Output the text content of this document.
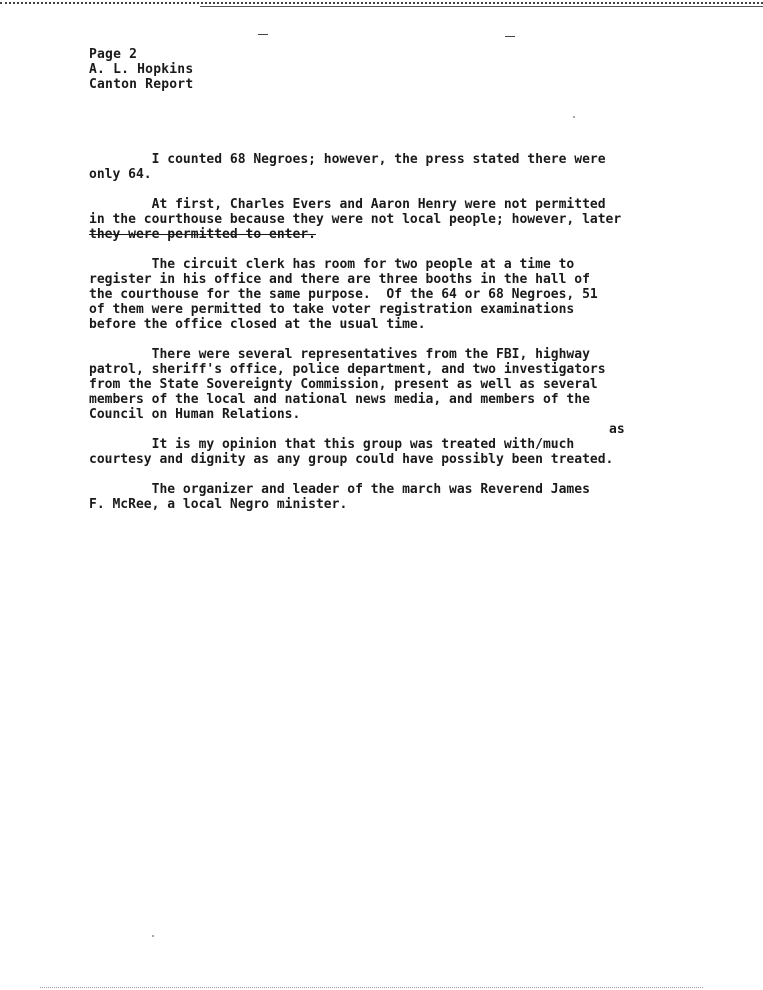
Page 2
A. L. Hopkins
Canton Report
I counted 68 Negroes; however, the press stated there were
only 64.
At first, Charles Evers and Aaron Henry were not permitted
in the courthouse because they were not local people; however, later
they were permitted to enter.
The circuit clerk has room for two people at a time to
register in his office and there are three booths in the hall of
the courthouse for the same purpose.  Of the 64 or 68 Negroes, 51
of them were permitted to take voter registration examinations
before the office closed at the usual time.
There were several representatives from the FBI, highway
patrol, sheriff's office, police department, and two investigators
from the State Sovereignty Commission, present as well as several
members of the local and national news media, and members of the
Council on Human Relations.
as
It is my opinion that this group was treated with/much
courtesy and dignity as any group could have possibly been treated.
The organizer and leader of the march was Reverend James
F. McRee, a local Negro minister.
